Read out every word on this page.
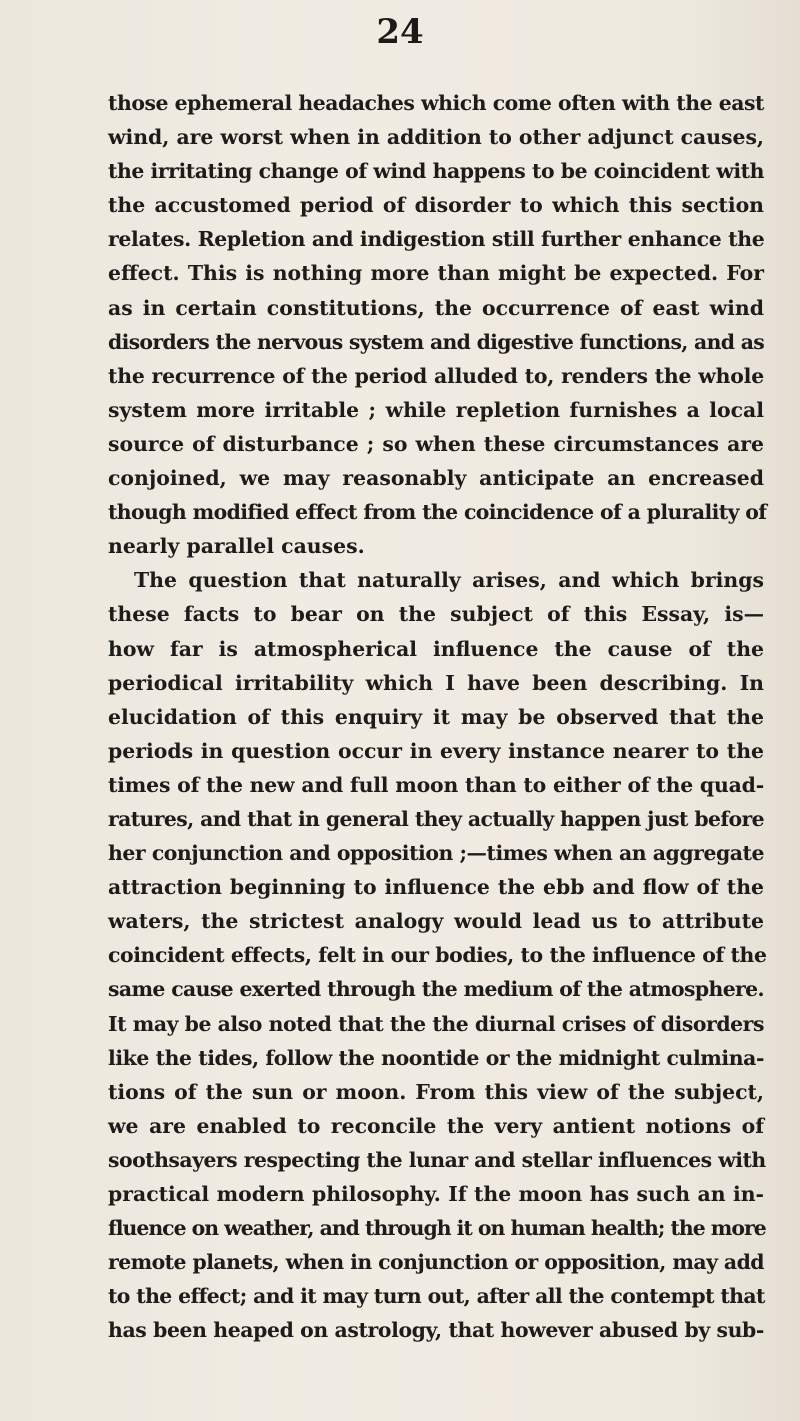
24
those ephemeral headaches which come often with the east
wind, are worst when in addition to other adjunct causes,
the irritating change of wind happens to be coincident with
the accustomed period of disorder to which this section
relates. Repletion and indigestion still further enhance the
effect. This is nothing more than might be expected. For
as in certain constitutions, the occurrence of east wind
disorders the nervous system and digestive functions, and as
the recurrence of the period alluded to, renders the whole
system more irritable ; while repletion furnishes a local
source of disturbance ; so when these circumstances are
conjoined, we may reasonably anticipate an encreased
though modified effect from the coincidence of a plurality of
nearly parallel causes.
The question that naturally arises, and which brings
these facts to bear on the subject of this Essay, is—
how far is atmospherical influence the cause of the
periodical irritability which I have been describing. In
elucidation of this enquiry it may be observed that the
periods in question occur in every instance nearer to the
times of the new and full moon than to either of the quad-
ratures, and that in general they actually happen just before
her conjunction and opposition ;—times when an aggregate
attraction beginning to influence the ebb and flow of the
waters, the strictest analogy would lead us to attribute
coincident effects, felt in our bodies, to the influence of the
same cause exerted through the medium of the atmosphere.
It may be also noted that the the diurnal crises of disorders
like the tides, follow the noontide or the midnight culmina-
tions of the sun or moon. From this view of the subject,
we are enabled to reconcile the very antient notions of
soothsayers respecting the lunar and stellar influences with
practical modern philosophy. If the moon has such an in-
fluence on weather, and through it on human health; the more
remote planets, when in conjunction or opposition, may add
to the effect; and it may turn out, after all the contempt that
has been heaped on astrology, that however abused by sub-
